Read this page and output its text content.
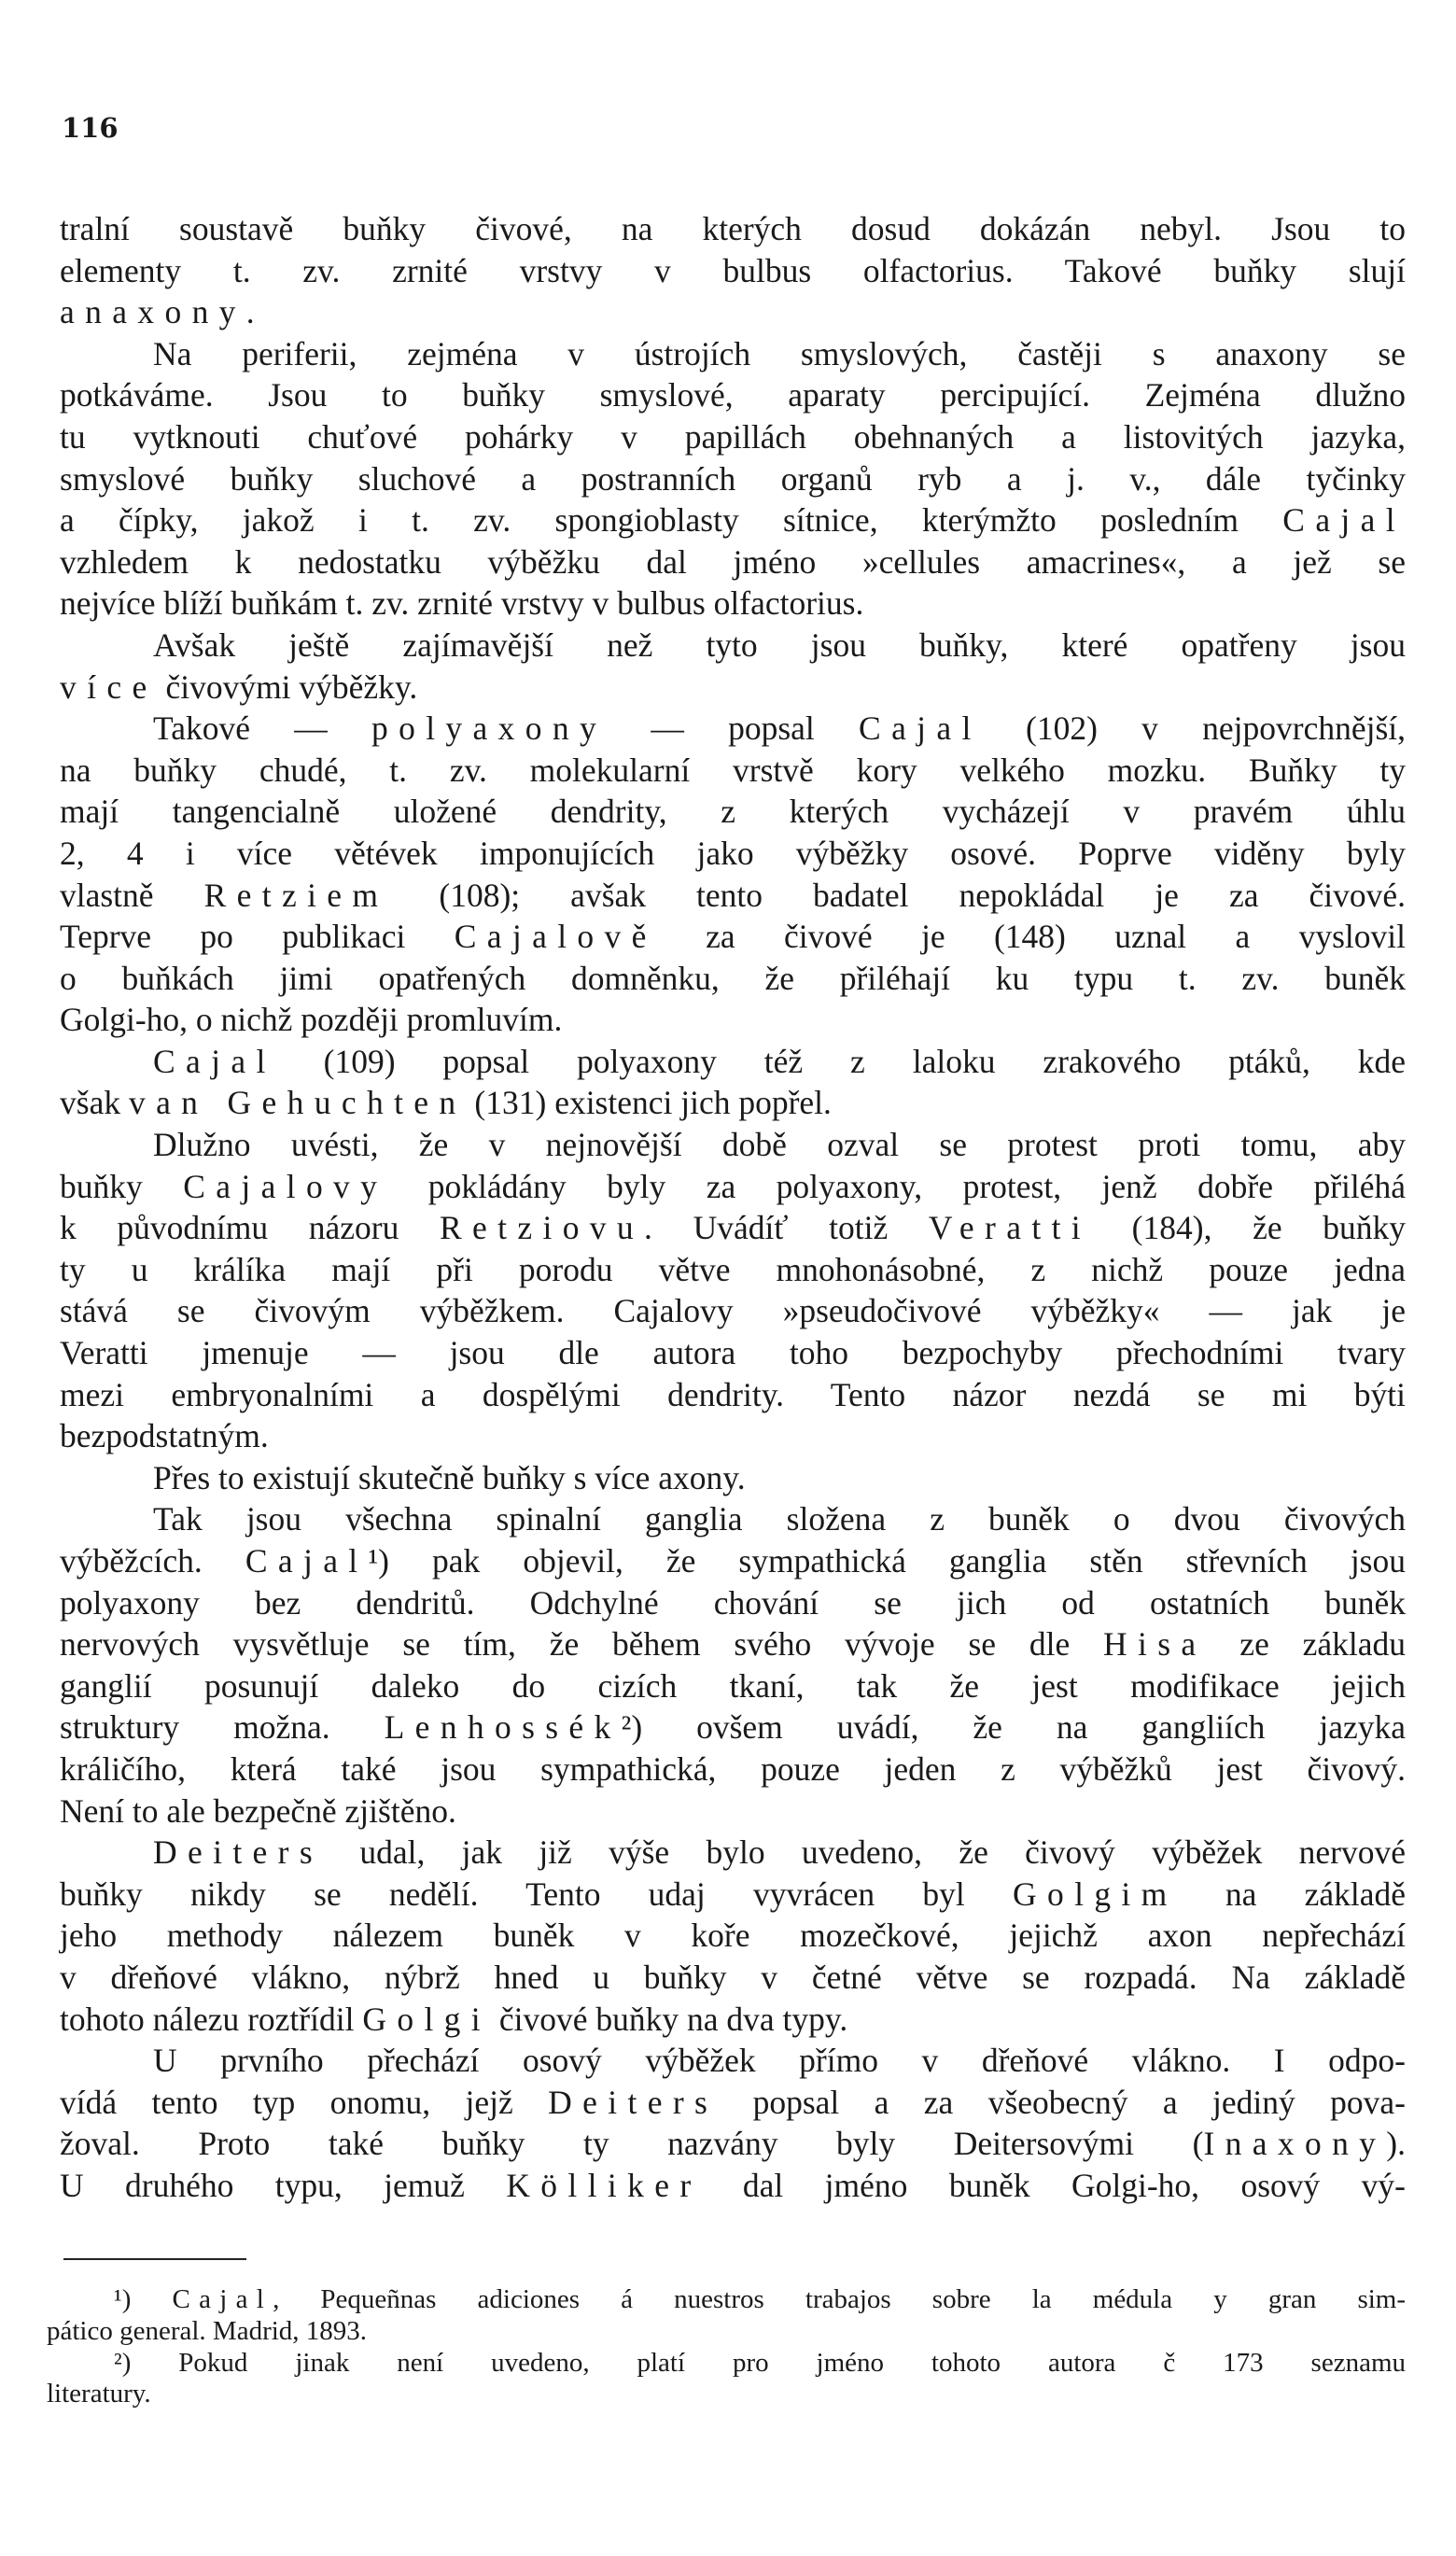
116
tralní soustavě buňky čivové, na kterých dosud dokázán nebyl. Jsou to
elementy t. zv. zrnité vrstvy v bulbus olfactorius. Takové buňky slují
anaxony.
Na periferii, zejména v ústrojích smyslových, častěji s anaxony se
potkáváme. Jsou to buňky smyslové, aparaty percipující. Zejména dlužno
tu vytknouti chuťové pohárky v papillách obehnaných a listovitých jazyka,
smyslové buňky sluchové a postranních organů ryb a j. v., dále tyčinky
a čípky, jakož i t. zv. spongioblasty sítnice, kterýmžto posledním Cajal
vzhledem k nedostatku výběžku dal jméno »cellules amacrines«, a jež se
nejvíce blíží buňkám t. zv. zrnité vrstvy v bulbus olfactorius.
Avšak ještě zajímavější než tyto jsou buňky, které opatřeny jsou
více čivovými výběžky.
Takové — polyaxony — popsal Cajal (102) v nejpovrchnější,
na buňky chudé, t. zv. molekularní vrstvě kory velkého mozku. Buňky ty
mají tangencialně uložené dendrity, z kterých vycházejí v pravém úhlu
2, 4 i více větévek imponujících jako výběžky osové. Poprve viděny byly
vlastně Retziem (108); avšak tento badatel nepokládal je za čivové.
Teprve po publikaci Cajalově za čivové je (148) uznal a vyslovil
o buňkách jimi opatřených domněnku, že přiléhají ku typu t. zv. buněk
Golgi-ho, o nichž později promluvím.
Cajal (109) popsal polyaxony též z laloku zrakového ptáků, kde
však van Gehuchten (131) existenci jich popřel.
Dlužno uvésti, že v nejnovější době ozval se protest proti tomu, aby
buňky Cajalovy pokládány byly za polyaxony, protest, jenž dobře přiléhá
k původnímu názoru Retziovu. Uvádíť totiž Veratti (184), že buňky
ty u králíka mají při porodu větve mnohonásobné, z nichž pouze jedna
stává se čivovým výběžkem. Cajalovy »pseudočivové výběžky« — jak je
Veratti jmenuje — jsou dle autora toho bezpochyby přechodními tvary
mezi embryonalními a dospělými dendrity. Tento názor nezdá se mi býti
bezpodstatným.
Přes to existují skutečně buňky s více axony.
Tak jsou všechna spinalní ganglia složena z buněk o dvou čivových
výběžcích. Cajal¹) pak objevil, že sympathická ganglia stěn střevních jsou
polyaxony bez dendritů. Odchylné chování se jich od ostatních buněk
nervových vysvětluje se tím, že během svého vývoje se dle Hisa ze základu
ganglií posunují daleko do cizích tkaní, tak že jest modifikace jejich
struktury možna. Lenhossék²) ovšem uvádí, že na gangliích jazyka
králičího, která také jsou sympathická, pouze jeden z výběžků jest čivový.
Není to ale bezpečně zjištěno.
Deiters udal, jak již výše bylo uvedeno, že čivový výběžek nervové
buňky nikdy se nedělí. Tento udaj vyvrácen byl Golgim na základě
jeho methody nálezem buněk v koře mozečkové, jejichž axon nepřechází
v dřeňové vlákno, nýbrž hned u buňky v četné větve se rozpadá. Na základě
tohoto nálezu roztřídil Golgi čivové buňky na dva typy.
U prvního přechází osový výběžek přímo v dřeňové vlákno. I odpo-
vídá tento typ onomu, jejž Deiters popsal a za všeobecný a jediný pova-
žoval. Proto také buňky ty nazvány byly Deitersovými (Inaxony).
U druhého typu, jemuž Kölliker dal jméno buněk Golgi-ho, osový vý-
¹) Cajal, Pequeñnas adiciones á nuestros trabajos sobre la médula y gran sim-
pático general. Madrid, 1893.
²) Pokud jinak není uvedeno, platí pro jméno tohoto autora č 173 seznamu
literatury.
